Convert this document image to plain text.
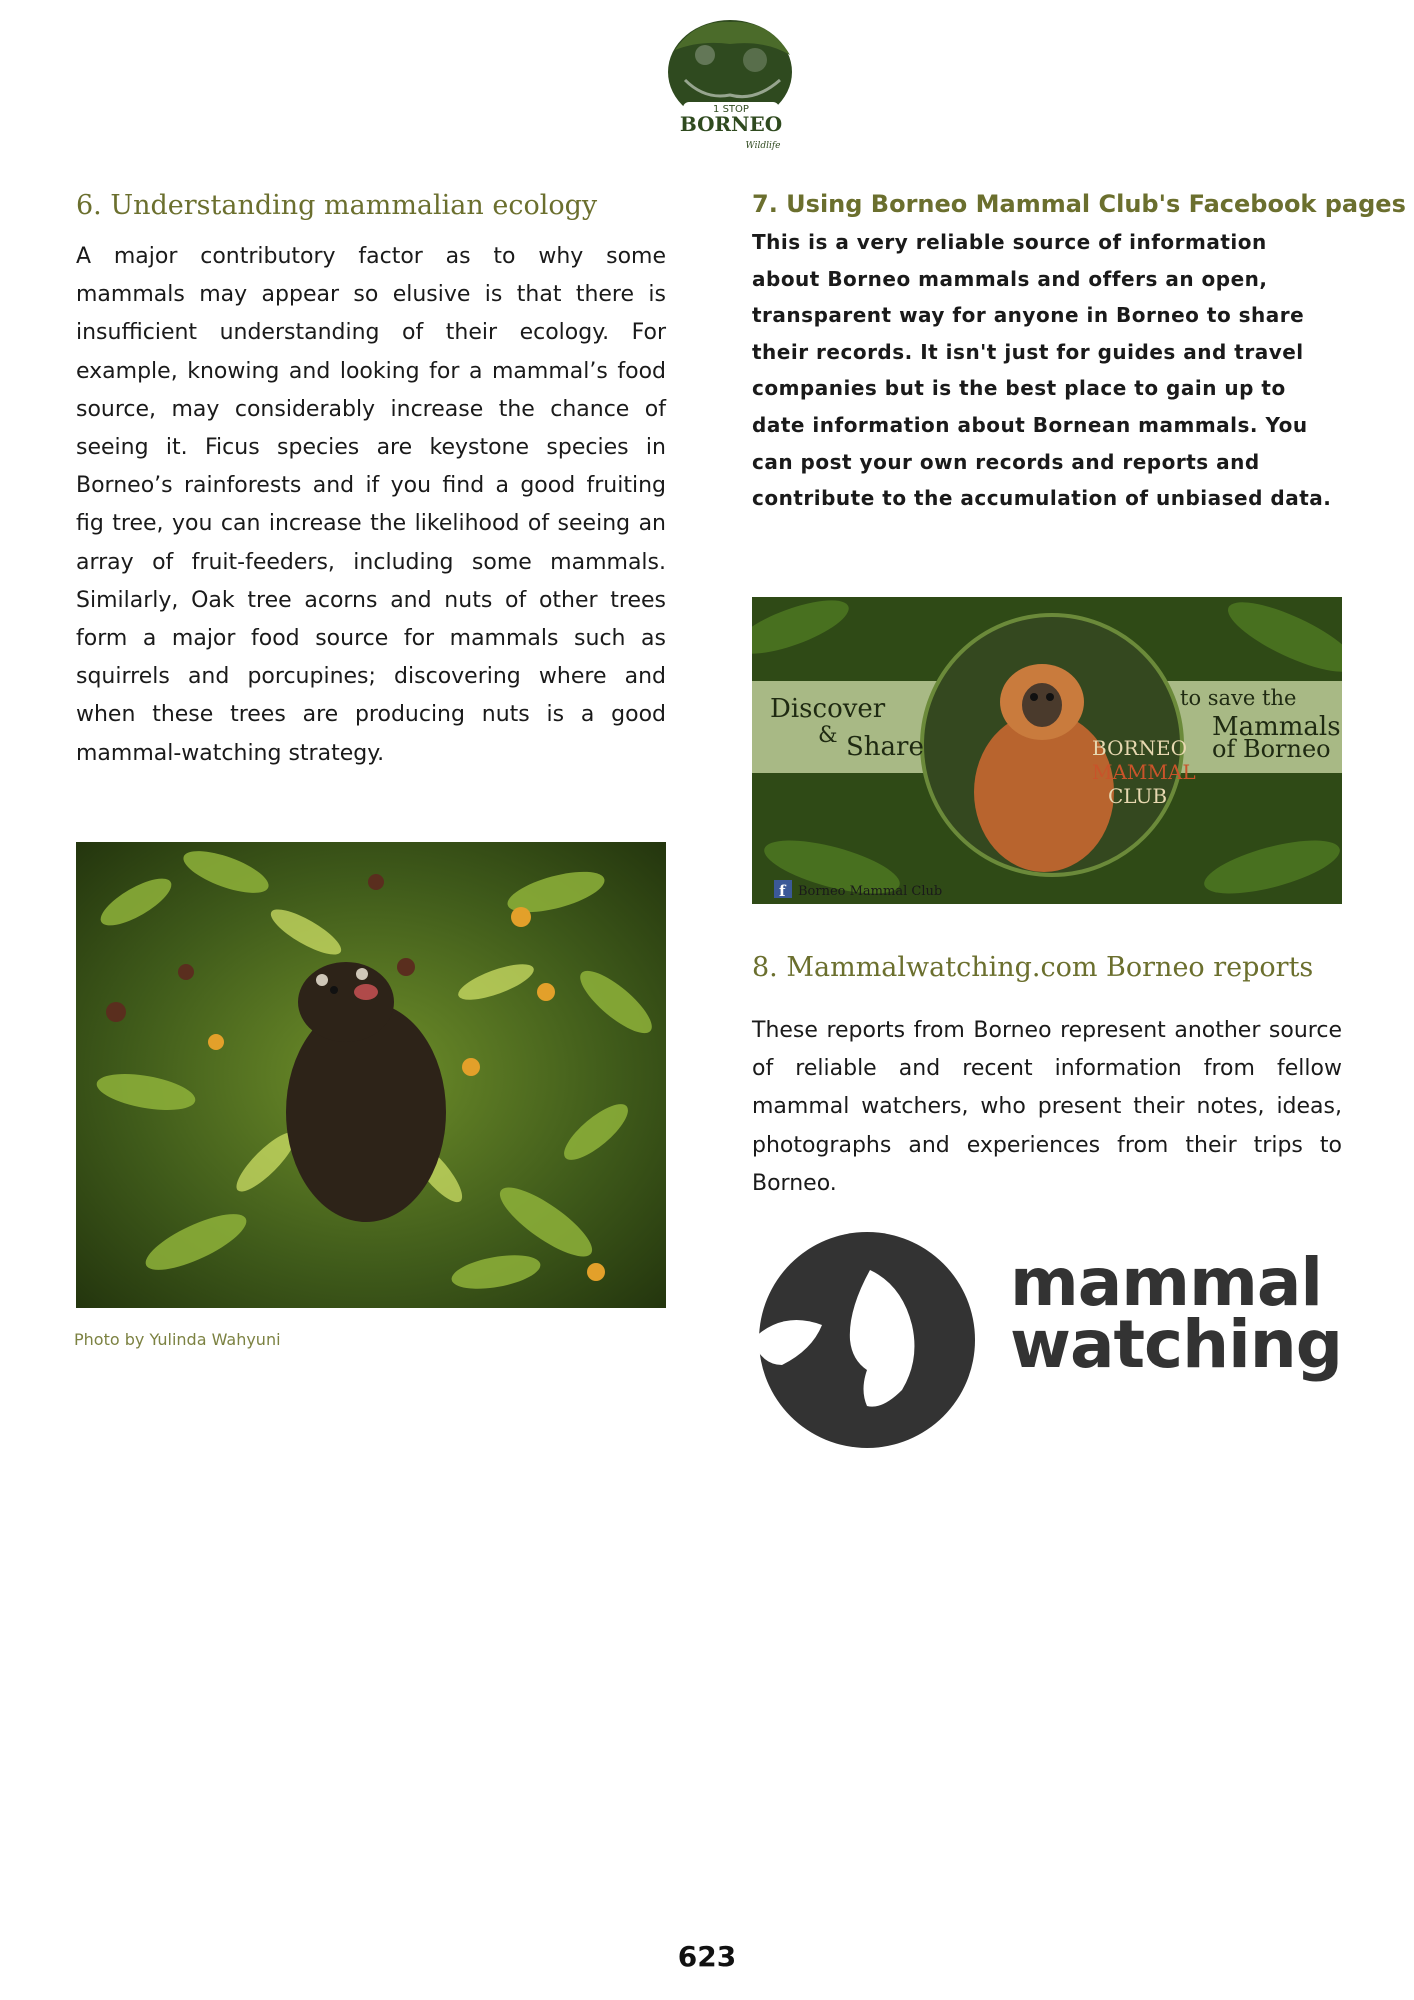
1 STOP
BORNEO
Wildlife
6. Understanding mammalian ecology

A major contributory factor as to why some mammals may appear so elusive is that there is insufficient understanding of their ecology. For example, knowing and looking for a mammal’s food source, may considerably increase the chance of seeing it. Ficus species are keystone species in Borneo’s rainforests and if you find a good fruiting fig tree, you can increase the likelihood of seeing an array of fruit-feeders, including some mammals. Similarly, Oak tree acorns and nuts of other trees form a major food source for mammals such as squirrels and porcupines; discovering where and when these trees are producing nuts is a good mammal-watching strategy.

Photo by Yulinda Wahyuni
7. Using Borneo Mammal Club's Facebook pages

This is a very reliable source of information about Borneo mammals and offers an open, transparent way for anyone in Borneo to share their records. It isn't just for guides and travel companies but is the best place to gain up to date information about Bornean mammals. You can post your own records and reports and contribute to the accumulation of unbiased data.

Discover
& Share
to save the
Mammals
of Borneo
BORNEO
MAMMAL
CLUB
f Borneo Mammal Club
8. Mammalwatching.com Borneo reports

These reports from Borneo represent another source of reliable and recent information from fellow mammal watchers, who present their notes, ideas, photographs and experiences from their trips to Borneo.

mammal
watching
623
